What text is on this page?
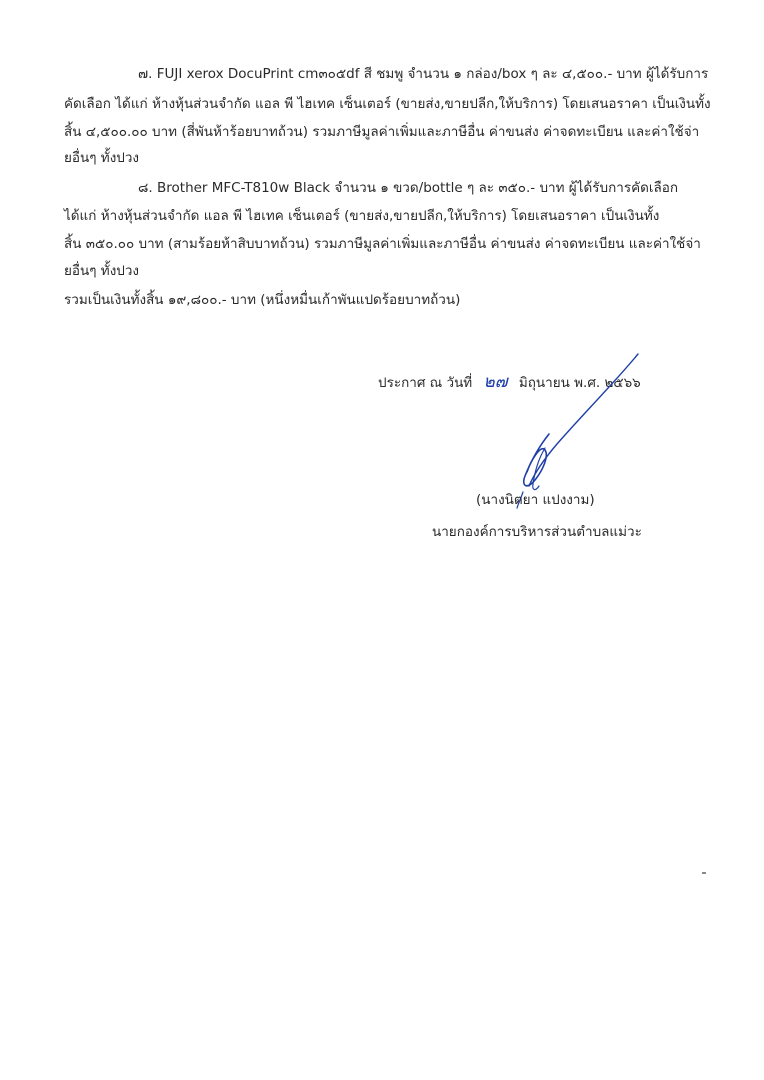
๗. FUJI xerox DocuPrint cm๓๐๕df สี ชมพู จำนวน ๑ กล่อง/box ๆ ละ ๔,๕๐๐.- บาท ผู้ได้รับการ
คัดเลือก ได้แก่ ห้างหุ้นส่วนจำกัด แอล พี ไฮเทค เซ็นเตอร์ (ขายส่ง,ขายปลีก,ให้บริการ) โดยเสนอราคา เป็นเงินทั้ง
สิ้น ๔,๕๐๐.๐๐ บาท (สี่พันห้าร้อยบาทถ้วน) รวมภาษีมูลค่าเพิ่มและภาษีอื่น ค่าขนส่ง ค่าจดทะเบียน และค่าใช้จ่า
ยอื่นๆ ทั้งปวง
๘. Brother MFC-T810w Black จำนวน ๑ ขวด/bottle ๆ ละ ๓๕๐.- บาท ผู้ได้รับการคัดเลือก
ได้แก่ ห้างหุ้นส่วนจำกัด แอล พี ไฮเทค เซ็นเตอร์ (ขายส่ง,ขายปลีก,ให้บริการ) โดยเสนอราคา เป็นเงินทั้ง
สิ้น ๓๕๐.๐๐ บาท (สามร้อยห้าสิบบาทถ้วน) รวมภาษีมูลค่าเพิ่มและภาษีอื่น ค่าขนส่ง ค่าจดทะเบียน และค่าใช้จ่า
ยอื่นๆ ทั้งปวง
รวมเป็นเงินทั้งสิ้น ๑๙,๘๐๐.- บาท (หนึ่งหมื่นเก้าพันแปดร้อยบาทถ้วน)
ประกาศ ณ วันที่ ๒๗ มิถุนายน พ.ศ. ๒๕๖๖
(นางนิตยา แปงงาม)
นายกองค์การบริหารส่วนตำบลแม่วะ
